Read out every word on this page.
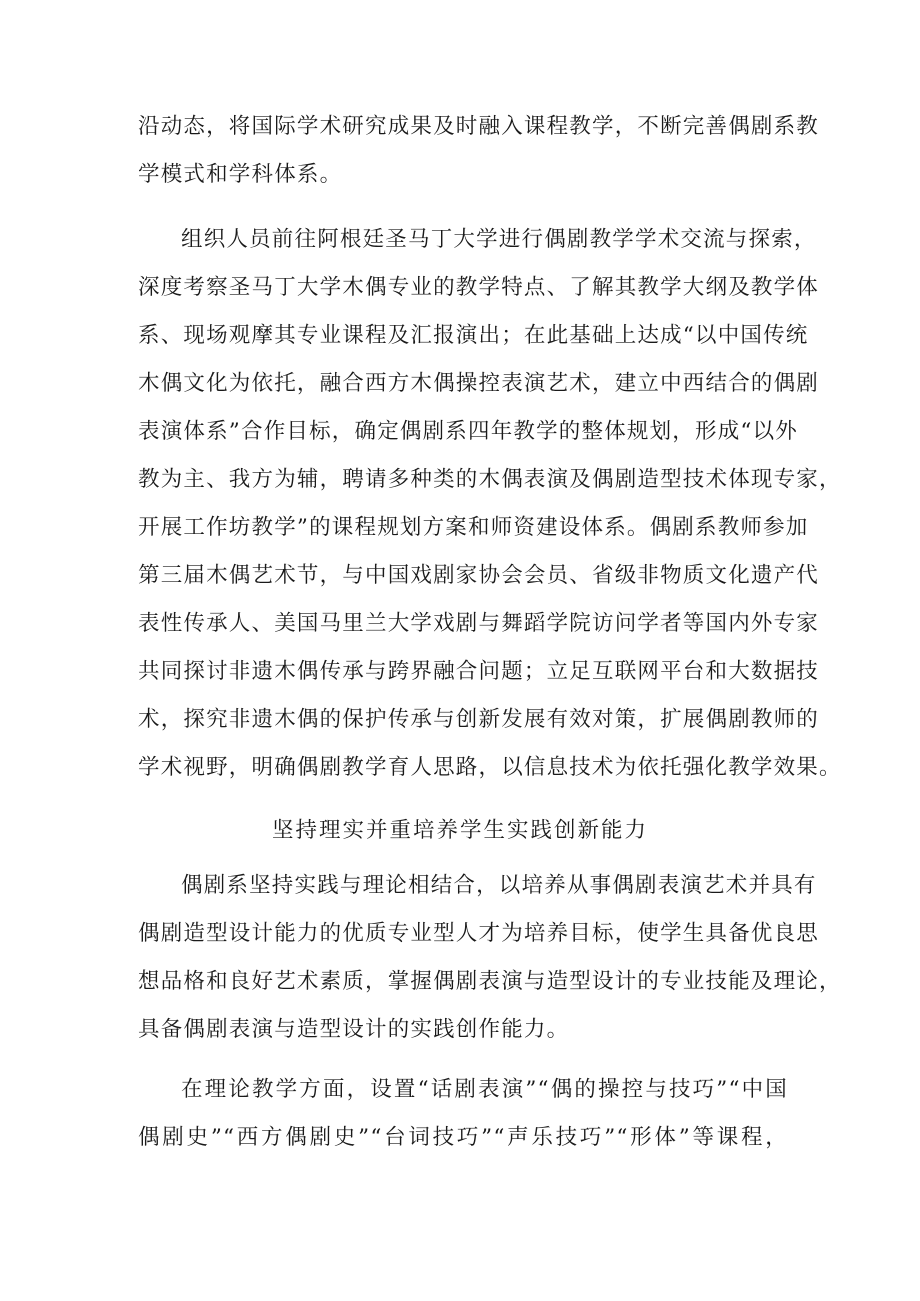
沿动态，将国际学术研究成果及时融入课程教学，不断完善偶剧系教
学模式和学科体系。
组织人员前往阿根廷圣马丁大学进行偶剧教学学术交流与探索，
深度考察圣马丁大学木偶专业的教学特点、了解其教学大纲及教学体
系、现场观摩其专业课程及汇报演出；在此基础上达成“以中国传统
木偶文化为依托，融合西方木偶操控表演艺术，建立中西结合的偶剧
表演体系”合作目标，确定偶剧系四年教学的整体规划，形成“以外
教为主、我方为辅，聘请多种类的木偶表演及偶剧造型技术体现专家，
开展工作坊教学”的课程规划方案和师资建设体系。偶剧系教师参加
第三届木偶艺术节，与中国戏剧家协会会员、省级非物质文化遗产代
表性传承人、美国马里兰大学戏剧与舞蹈学院访问学者等国内外专家
共同探讨非遗木偶传承与跨界融合问题；立足互联网平台和大数据技
术，探究非遗木偶的保护传承与创新发展有效对策，扩展偶剧教师的
学术视野，明确偶剧教学育人思路，以信息技术为依托强化教学效果。
坚持理实并重培养学生实践创新能力
偶剧系坚持实践与理论相结合，以培养从事偶剧表演艺术并具有
偶剧造型设计能力的优质专业型人才为培养目标，使学生具备优良思
想品格和良好艺术素质，掌握偶剧表演与造型设计的专业技能及理论，
具备偶剧表演与造型设计的实践创作能力。
在理论教学方面，设置“话剧表演”“偶的操控与技巧”“中国
偶剧史”“西方偶剧史”“台词技巧”“声乐技巧”“形体”等课程，
